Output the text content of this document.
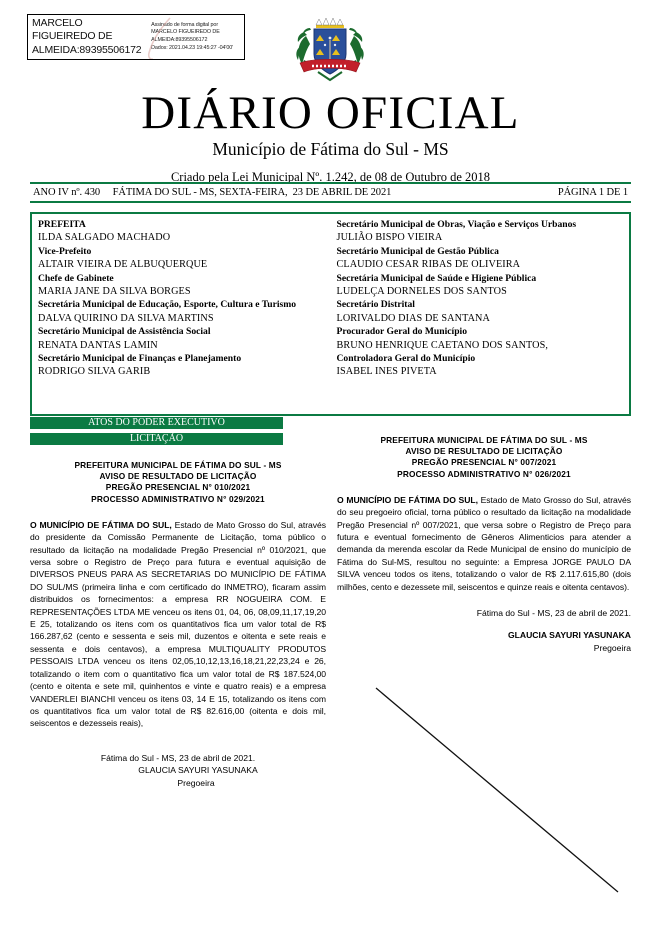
MARCELO FIGUEIREDO DE ALMEIDA:89395506172
Assinado de forma digital por
MARCELO FIGUEIREDO DE
ALMEIDA:89395506172
Dados: 2021.04.23 19:45:27 -04'00'
DIÁRIO OFICIAL
Município de Fátima do Sul - MS
Criado pela Lei Municipal Nº. 1.242, de 08 de Outubro de 2018
ANO IV nº. 430     FÁTIMA DO SUL - MS, SEXTA-FEIRA,  23 DE ABRIL DE 2021	PÁGINA 1 DE 1
PREFEITA
ILDA SALGADO MACHADO
Vice-Prefeito
ALTAIR VIEIRA DE ALBUQUERQUE
Chefe de Gabinete
MARIA JANE DA SILVA BORGES
Secretária Municipal de Educação, Esporte, Cultura e Turismo
DALVA QUIRINO DA SILVA MARTINS
Secretário Municipal de Assistência Social
RENATA DANTAS LAMIN
Secretário Municipal de Finanças e Planejamento
RODRIGO SILVA GARIB
Secretário Municipal de Obras, Viação e Serviços Urbanos
JULIÃO BISPO VIEIRA
Secretário Municipal de Gestão Pública
CLAUDIO CESAR RIBAS DE OLIVEIRA
Secretária Municipal de Saúde e Higiene Pública
LUDELÇA DORNELES DOS SANTOS
Secretário Distrital
LORIVALDO DIAS DE SANTANA
Procurador Geral do Município
BRUNO HENRIQUE CAETANO DOS SANTOS,
Controladora Geral do Município
ISABEL INES PIVETA
ATOS DO PODER EXECUTIVO
LICITAÇÃO
PREFEITURA MUNICIPAL DE FÁTIMA DO SUL - MS
AVISO DE RESULTADO DE LICITAÇÃO
PREGÃO PRESENCIAL N° 010/2021
PROCESSO ADMINISTRATIVO N° 029/2021

O MUNICÍPIO DE FÁTIMA DO SUL, Estado de Mato Grosso do Sul, através do presidente da Comissão Permanente de Licitação, toma público o resultado da licitação na modalidade Pregão Presencial nº 010/2021, que versa sobre o Registro de Preço para futura e eventual aquisição de DIVERSOS PNEUS PARA AS SECRETARIAS DO MUNICÍPIO DE FÁTIMA DO SUL/MS (primeira linha e com certificado do INMETRO), ficaram assim distribuidos os fornecimentos: a empresa RR NOGUEIRA COM. E REPRESENTAÇÕES LTDA ME venceu os itens 01, 04, 06, 08,09,11,17,19,20 E 25, totalizando os itens com os quantitativos fica um valor total de R$ 166.287,62 (cento e sessenta e seis mil, duzentos e oitenta e sete reais e sessenta e dois centavos), a empresa MULTIQUALITY PRODUTOS PESSOAIS LTDA venceu os itens 02,05,10,12,13,16,18,21,22,23,24 e 26, totalizando o item com o quantitativo fica um valor total de R$ 187.524,00 (cento e oitenta e sete mil, quinhentos e vinte e quatro reais) e a empresa VANDERLEI BIANCHI venceu os itens 03, 14 E 15, totalizando os itens com os quantitativos fica um valor total de R$ 82.616,00 (oitenta e dois mil, seiscentos e dezesseis reais),

Fátima do Sul - MS, 23 de abril de 2021.
GLAUCIA SAYURI YASUNAKA
Pregoeira
PREFEITURA MUNICIPAL DE FÁTIMA DO SUL - MS
AVISO DE RESULTADO DE LICITAÇÃO
PREGÃO PRESENCIAL N° 007/2021
PROCESSO ADMINISTRATIVO N° 026/2021

O MUNICÍPIO DE FÁTIMA DO SUL, Estado de Mato Grosso do Sul, através do seu pregoeiro oficial, torna público o resultado da licitação na modalidade Pregão Presencial nº 007/2021, que versa sobre o Registro de Preço para futura e eventual fornecimento de Gêneros Alimenticios para atender a demanda da merenda escolar da Rede Municipal de ensino do município de Fátima do Sul-MS, resultou no seguinte: a Empresa JORGE PAULO DA SILVA venceu todos os itens, totalizando o valor de R$ 2.117.615,80 (dois milhões, cento e dezessete mil, seiscentos e quinze reais e oitenta centavos).

Fátima do Sul - MS, 23 de abril de 2021.
GLAUCIA SAYURI YASUNAKA
Pregoeira
